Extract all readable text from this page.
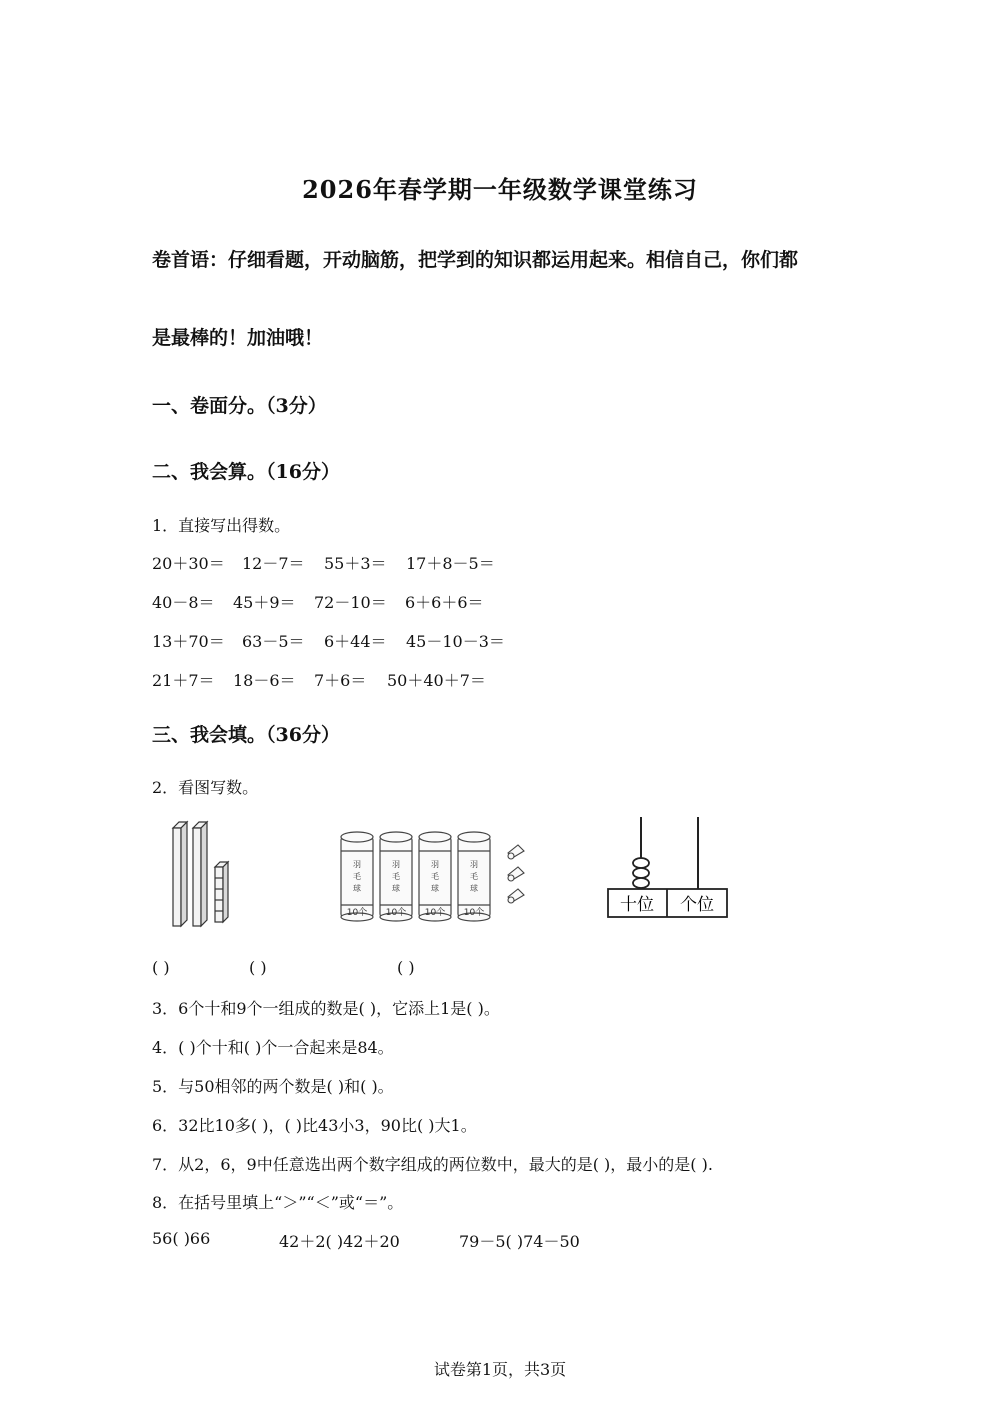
2026年春学期一年级数学课堂练习
卷首语：仔细看题，开动脑筋，把学到的知识都运用起来。相信自己，你们都
是最棒的！加油哦！
一、卷面分。（3分）
二、我会算。（16分）
1．直接写出得数。
20＋30＝	12－7＝	55＋3＝	17＋8－5＝
40－8＝	45＋9＝	72－10＝	6＋6＋6＝
13＋70＝	63－5＝	6＋44＝	45－10－3＝
21＋7＝	18－6＝	7＋6＝	50＋40＋7＝
三、我会填。（36分）
2．看图写数。
羽
毛
球
10个
羽
毛
球
10个
羽
毛
球
10个
羽
毛
球
10个	十位 个位
( )	( )	( )
3．6个十和9个一组成的数是( )，它添上1是( )。
4．( )个十和( )个一合起来是84。
5．与50相邻的两个数是( )和( )。
6．32比10多( )，( )比43小3，90比( )大1。
7．从2，6，9中任意选出两个数字组成的两位数中，最大的是( )，最小的是( ).
8．在括号里填上“＞”“＜”或“＝”。
56( )66	42＋2( )42＋20	79－5( )74－50
试卷第1页，共3页
